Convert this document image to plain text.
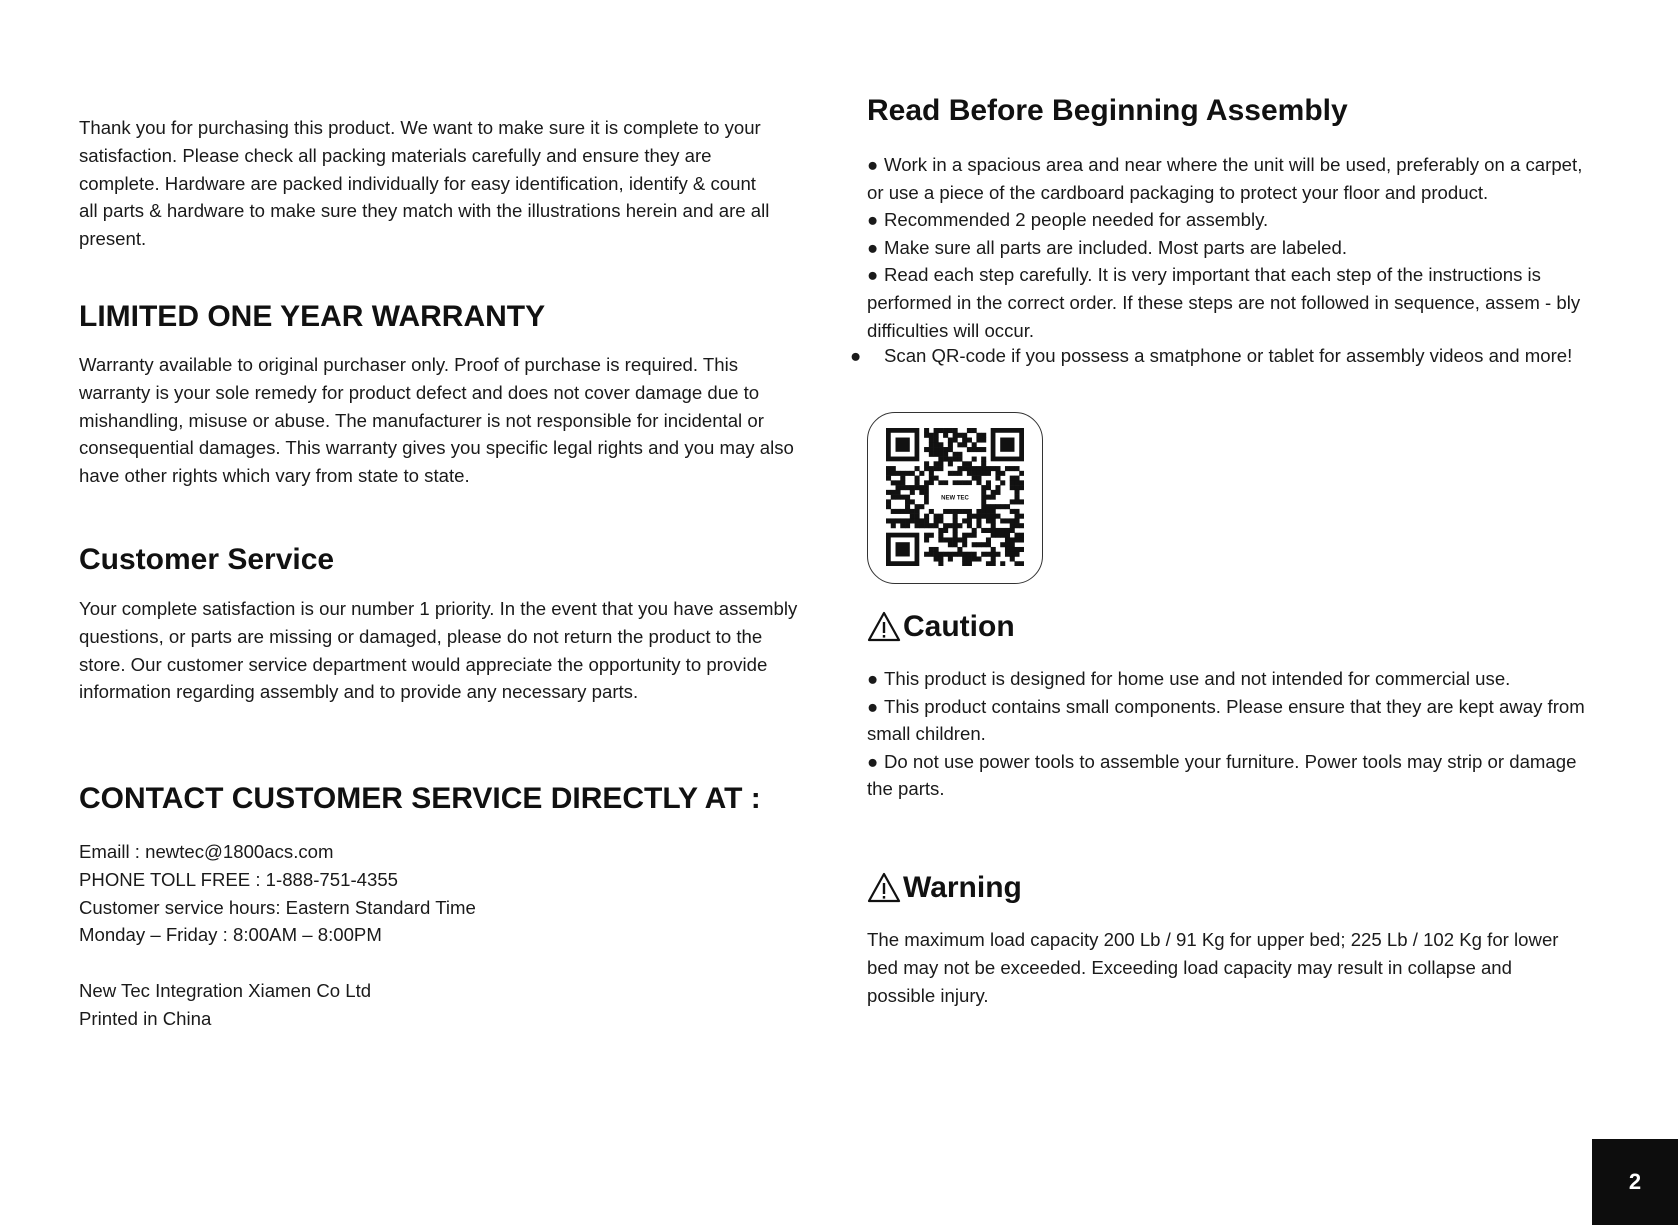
Thank you for purchasing this product. We want to make sure it is complete to your satisfaction. Please check all packing materials carefully and ensure they are complete. Hardware are packed individually for easy identification, identify & count all parts & hardware to make sure they match with the illustrations herein and are all present.

LIMITED ONE YEAR WARRANTY

Warranty available to original purchaser only. Proof of purchase is required. This warranty is your sole remedy for product defect and does not cover damage due to mishandling, misuse or abuse. The manufacturer is not responsible for incidental or consequential damages. This warranty gives you specific legal rights and you may also have other rights which vary from state to state.

Customer Service

Your complete satisfaction is our number 1 priority. In the event that you have assembly questions, or parts are missing or damaged, please do not return the product to the store. Our customer service department would appreciate the opportunity to provide information regarding assembly and to provide any necessary parts.

CONTACT CUSTOMER SERVICE DIRECTLY AT :

Emaill : newtec@1800acs.com

PHONE TOLL FREE : 1-888-751-4355

Customer service hours: Eastern Standard Time

Monday – Friday : 8:00AM – 8:00PM

New Tec Integration Xiamen Co Ltd

Printed in China

Read Before Beginning Assembly
● Work in a spacious area and near where the unit will be used, preferably on a carpet, or use a piece of the cardboard packaging to protect your floor and product.
● Recommended 2 people needed for assembly.
● Make sure all parts are included. Most parts are labeled.
● Read each step carefully. It is very important that each step of the instructions is performed in the correct order. If these steps are not followed in sequence, assem - bly difficulties will occur.
● Scan QR-code if you possess a smatphone or tablet for assembly videos and more!
NEW TEC
Caution
● This product is designed for home use and not intended for commercial use.
● This product contains small components. Please ensure that they are kept away from small children.
● Do not use power tools to assemble your furniture. Power tools may strip or damage the parts.
Warning

The maximum load capacity 200 Lb / 91 Kg for upper bed; 225 Lb / 102 Kg for lower bed may not be exceeded. Exceeding load capacity may result in collapse and possible injury.

2
